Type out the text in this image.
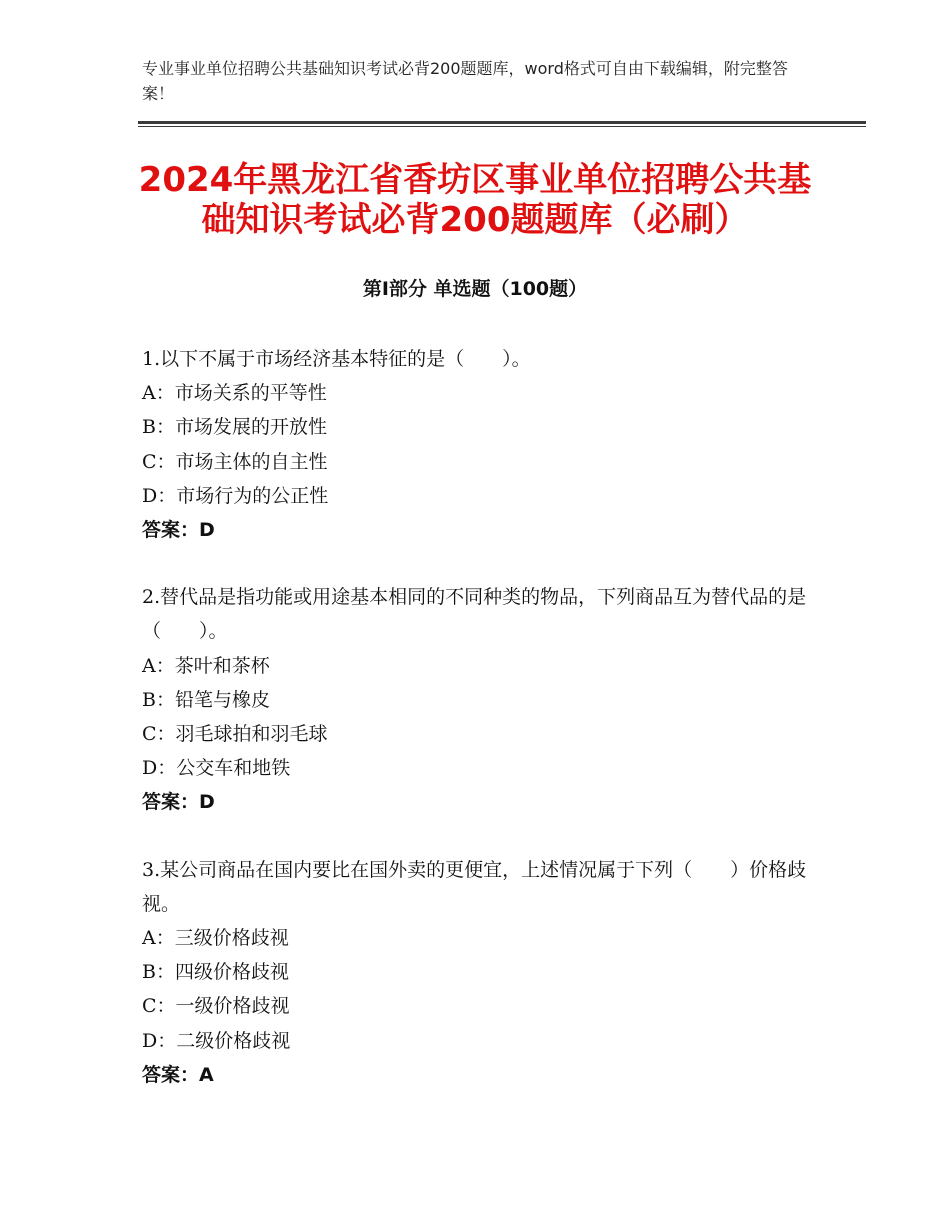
专业事业单位招聘公共基础知识考试必背200题题库，word格式可自由下载编辑，附完整答案！
2024年黑龙江省香坊区事业单位招聘公共基础知识考试必背200题题库（必刷）
第Ⅰ部分 单选题（100题）
1.以下不属于市场经济基本特征的是（　　）。
A：市场关系的平等性
B：市场发展的开放性
C：市场主体的自主性
D：市场行为的公正性
答案：D
2.替代品是指功能或用途基本相同的不同种类的物品，下列商品互为替代品的是（　　）。
A：茶叶和茶杯
B：铅笔与橡皮
C：羽毛球拍和羽毛球
D：公交车和地铁
答案：D
3.某公司商品在国内要比在国外卖的更便宜，上述情况属于下列（　　）价格歧视。
A：三级价格歧视
B：四级价格歧视
C：一级价格歧视
D：二级价格歧视
答案：A
